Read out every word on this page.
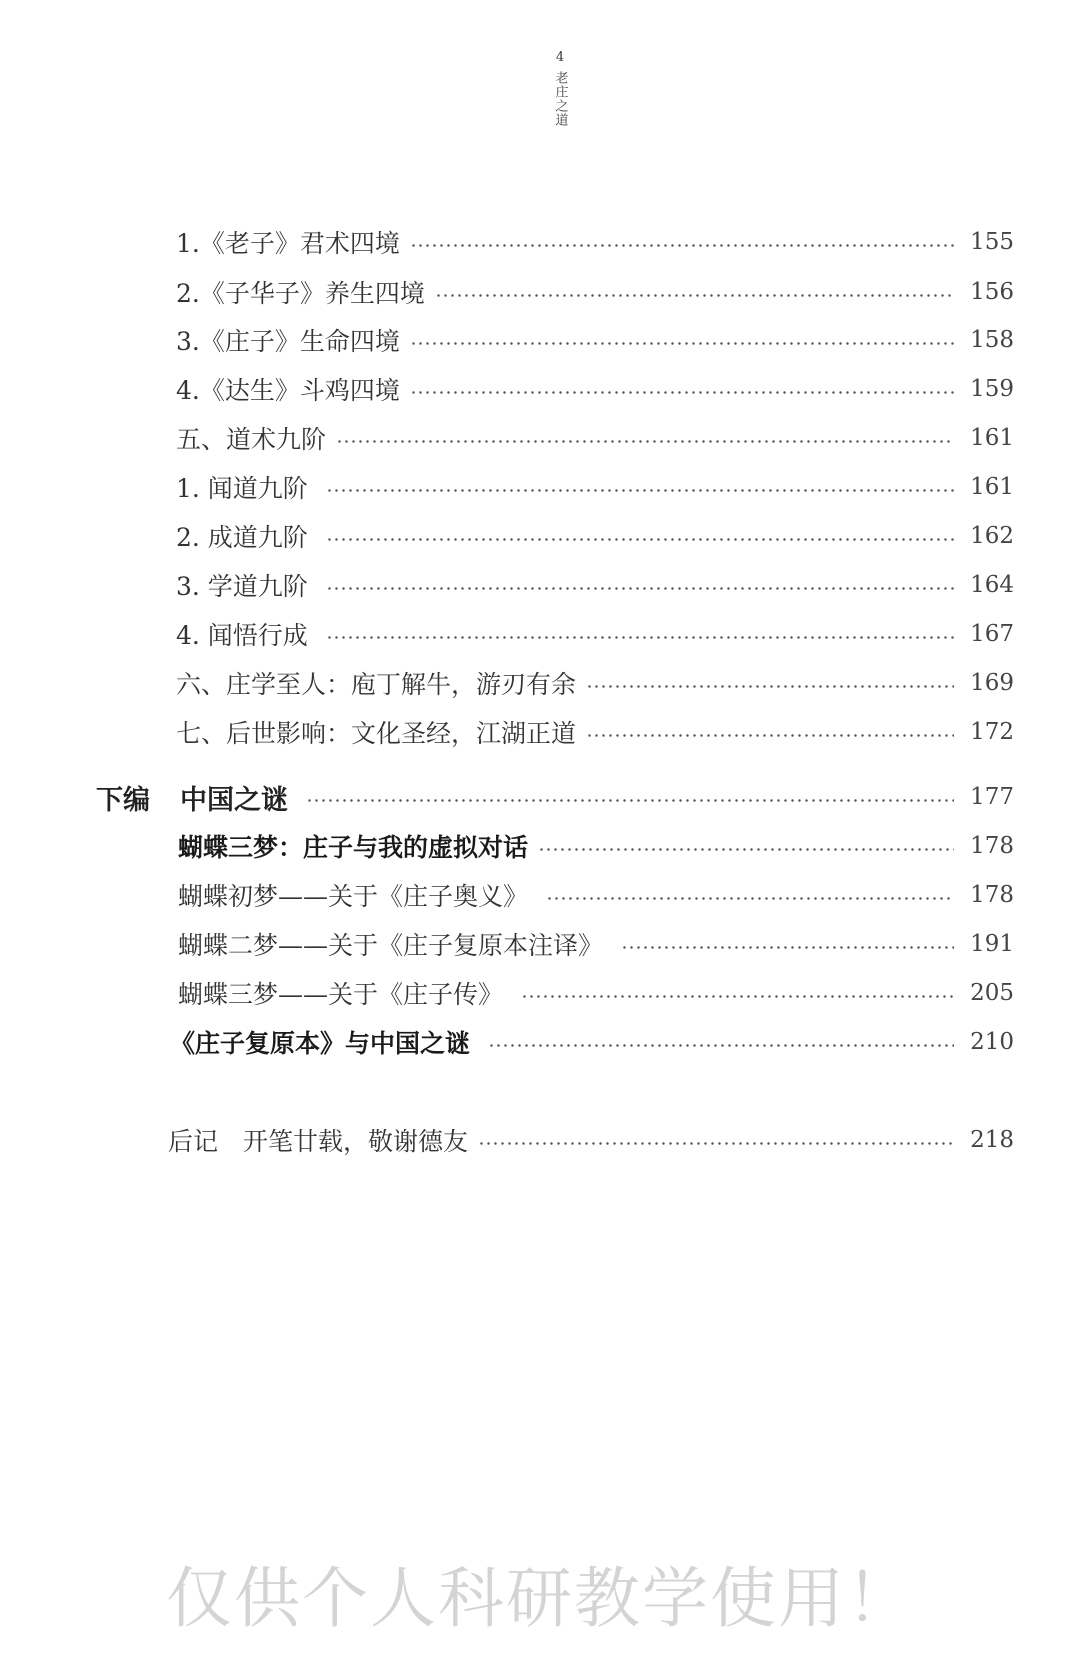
4
老庄之道
1.《老子》君术四境	155
2.《子华子》养生四境	156
3.《庄子》生命四境	158
4.《达生》斗鸡四境	159
五、道术九阶	161
1. 闻道九阶	161
2. 成道九阶	162
3. 学道九阶	164
4. 闻悟行成	167
六、庄学至人：庖丁解牛，游刃有余	169
七、后世影响：文化圣经，江湖正道	172
下编 中国之谜	177
蝴蝶三梦：庄子与我的虚拟对话	178
蝴蝶初梦——关于《庄子奥义》	178
蝴蝶二梦——关于《庄子复原本注译》	191
蝴蝶三梦——关于《庄子传》	205
《庄子复原本》与中国之谜	210
后记　开笔廿载，敬谢德友	218
仅供个人科研教学使用！
